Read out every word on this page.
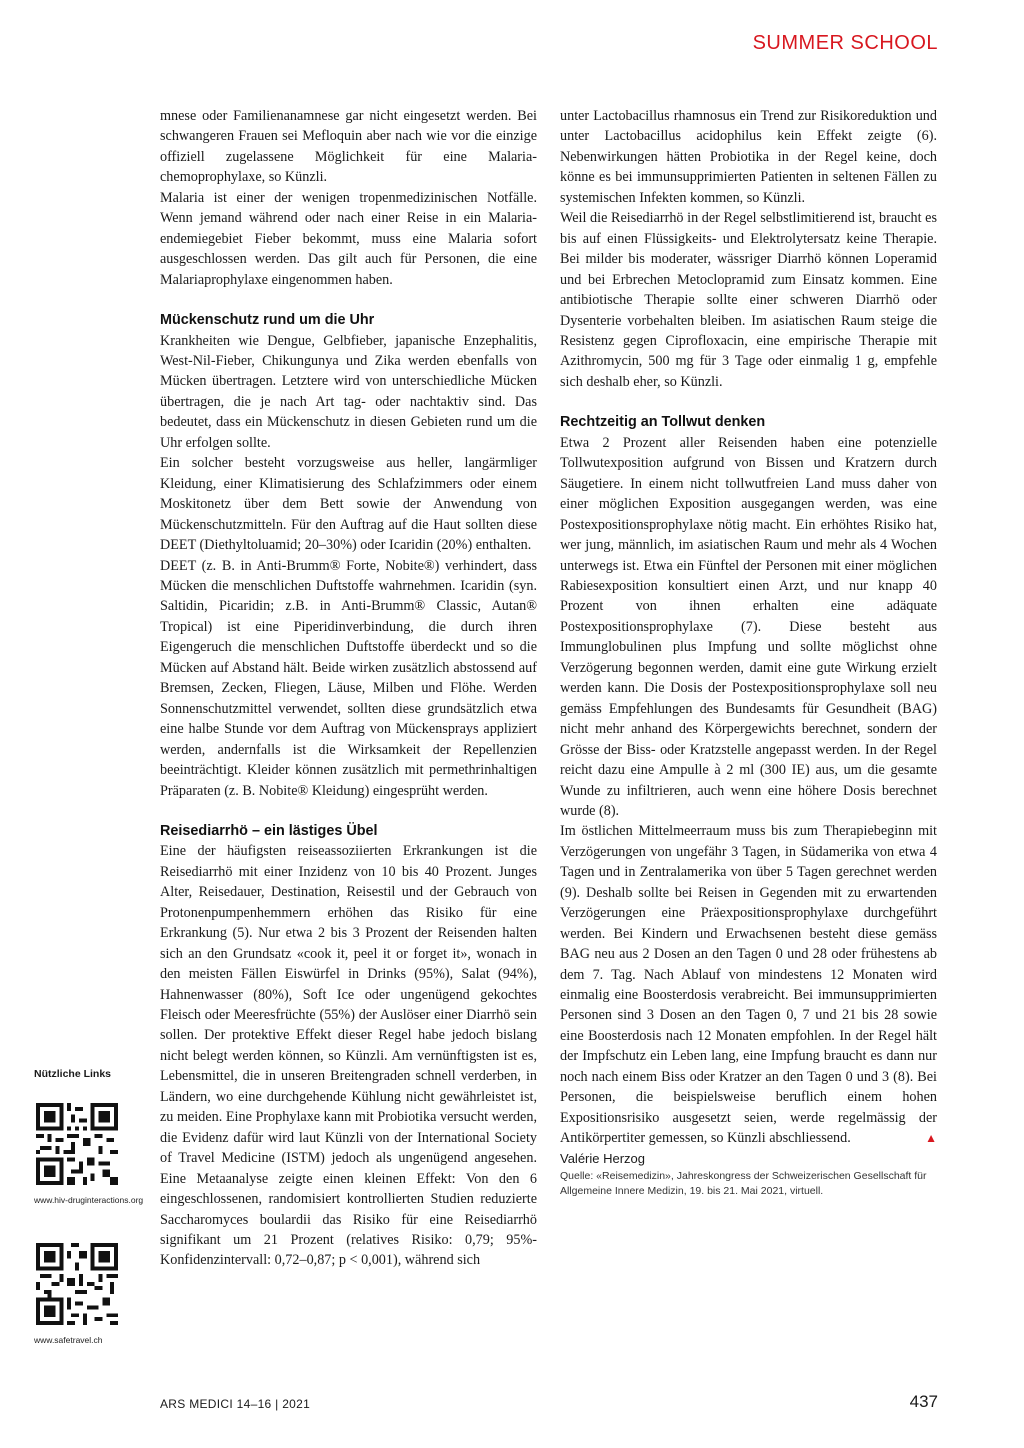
SUMMER SCHOOL

mnese oder Familienanamnese gar nicht eingesetzt werden. Bei schwangeren Frauen sei Mefloquin aber nach wie vor die einzige offiziell zugelassene Möglichkeit für eine Malaria-chemoprophylaxe, so Künzli.

Malaria ist einer der wenigen tropenmedizinischen Notfälle. Wenn jemand während oder nach einer Reise in ein Malaria-endemiegebiet Fieber bekommt, muss eine Malaria sofort ausgeschlossen werden. Das gilt auch für Personen, die eine Malariaprophylaxe eingenommen haben.

Mückenschutz rund um die Uhr

Krankheiten wie Dengue, Gelbfieber, japanische Enzephalitis, West-Nil-Fieber, Chikungunya und Zika werden ebenfalls von Mücken übertragen. Letztere wird von unterschiedliche Mücken übertragen, die je nach Art tag- oder nachtaktiv sind. Das bedeutet, dass ein Mückenschutz in diesen Gebieten rund um die Uhr erfolgen sollte.

Ein solcher besteht vorzugsweise aus heller, langärmliger Kleidung, einer Klimatisierung des Schlafzimmers oder einem Moskitonetz über dem Bett sowie der Anwendung von Mückenschutzmitteln. Für den Auftrag auf die Haut sollten diese DEET (Diethyltoluamid; 20–30%) oder Icaridin (20%) enthalten.

DEET (z. B. in Anti-Brumm® Forte, Nobite®) verhindert, dass Mücken die menschlichen Duftstoffe wahrnehmen. Icaridin (syn. Saltidin, Picaridin; z.B. in Anti-Brumm® Classic, Autan® Tropical) ist eine Piperidinverbindung, die durch ihren Eigengeruch die menschlichen Duftstoffe überdeckt und so die Mücken auf Abstand hält. Beide wirken zusätzlich abstossend auf Bremsen, Zecken, Fliegen, Läuse, Milben und Flöhe. Werden Sonnenschutzmittel verwendet, sollten diese grundsätzlich etwa eine halbe Stunde vor dem Auftrag von Mückensprays appliziert werden, andernfalls ist die Wirksamkeit der Repellenzien beeinträchtigt. Kleider können zusätzlich mit permethrinhaltigen Präparaten (z. B. Nobite® Kleidung) eingesprüht werden.

Reisediarrhö – ein lästiges Übel

Eine der häufigsten reiseassoziierten Erkrankungen ist die Reisediarrhö mit einer Inzidenz von 10 bis 40 Prozent. Junges Alter, Reisedauer, Destination, Reisestil und der Gebrauch von Protonenpumpenhemmern erhöhen das Risiko für eine Erkrankung (5). Nur etwa 2 bis 3 Prozent der Reisenden halten sich an den Grundsatz «cook it, peel it or forget it», wonach in den meisten Fällen Eiswürfel in Drinks (95%), Salat (94%), Hahnenwasser (80%), Soft Ice oder ungenügend gekochtes Fleisch oder Meeresfrüchte (55%) der Auslöser einer Diarrhö sein sollen. Der protektive Effekt dieser Regel habe jedoch bislang nicht belegt werden können, so Künzli. Am vernünftigsten ist es, Lebensmittel, die in unseren Breitengraden schnell verderben, in Ländern, wo eine durchgehende Kühlung nicht gewährleistet ist, zu meiden. Eine Prophylaxe kann mit Probiotika versucht werden, die Evidenz dafür wird laut Künzli von der International Society of Travel Medicine (ISTM) jedoch als ungenügend angesehen. Eine Metaanalyse zeigte einen kleinen Effekt: Von den 6 eingeschlossenen, randomisiert kontrollierten Studien reduzierte Saccharomyces boulardii das Risiko für eine Reisediarrhö signifikant um 21 Prozent (relatives Risiko: 0,79; 95%-Konfidenzintervall: 0,72–0,87; p < 0,001), während sich

unter Lactobacillus rhamnosus ein Trend zur Risikoreduktion und unter Lactobacillus acidophilus kein Effekt zeigte (6). Nebenwirkungen hätten Probiotika in der Regel keine, doch könne es bei immunsupprimierten Patienten in seltenen Fällen zu systemischen Infekten kommen, so Künzli.

Weil die Reisediarrhö in der Regel selbstlimitierend ist, braucht es bis auf einen Flüssigkeits- und Elektrolytersatz keine Therapie. Bei milder bis moderater, wässriger Diarrhö können Loperamid und bei Erbrechen Metoclopramid zum Einsatz kommen. Eine antibiotische Therapie sollte einer schweren Diarrhö oder Dysenterie vorbehalten bleiben. Im asiatischen Raum steige die Resistenz gegen Ciprofloxacin, eine empirische Therapie mit Azithromycin, 500 mg für 3 Tage oder einmalig 1 g, empfehle sich deshalb eher, so Künzli.

Rechtzeitig an Tollwut denken

Etwa 2 Prozent aller Reisenden haben eine potenzielle Tollwutexposition aufgrund von Bissen und Kratzern durch Säugetiere. In einem nicht tollwutfreien Land muss daher von einer möglichen Exposition ausgegangen werden, was eine Postexpositionsprophylaxe nötig macht. Ein erhöhtes Risiko hat, wer jung, männlich, im asiatischen Raum und mehr als 4 Wochen unterwegs ist. Etwa ein Fünftel der Personen mit einer möglichen Rabiesexposition konsultiert einen Arzt, und nur knapp 40 Prozent von ihnen erhalten eine adäquate Postexpositionsprophylaxe (7). Diese besteht aus Immunglobulinen plus Impfung und sollte möglichst ohne Verzögerung begonnen werden, damit eine gute Wirkung erzielt werden kann. Die Dosis der Postexpositionsprophylaxe soll neu gemäss Empfehlungen des Bundesamts für Gesundheit (BAG) nicht mehr anhand des Körpergewichts berechnet, sondern der Grösse der Biss- oder Kratzstelle angepasst werden. In der Regel reicht dazu eine Ampulle à 2 ml (300 IE) aus, um die gesamte Wunde zu infiltrieren, auch wenn eine höhere Dosis berechnet wurde (8).

Im östlichen Mittelmeerraum muss bis zum Therapiebeginn mit Verzögerungen von ungefähr 3 Tagen, in Südamerika von etwa 4 Tagen und in Zentralamerika von über 5 Tagen gerechnet werden (9). Deshalb sollte bei Reisen in Gegenden mit zu erwartenden Verzögerungen eine Präexpositionsprophylaxe durchgeführt werden. Bei Kindern und Erwachsenen besteht diese gemäss BAG neu aus 2 Dosen an den Tagen 0 und 28 oder frühestens ab dem 7. Tag. Nach Ablauf von mindestens 12 Monaten wird einmalig eine Boosterdosis verabreicht. Bei immunsupprimierten Personen sind 3 Dosen an den Tagen 0, 7 und 21 bis 28 sowie eine Boosterdosis nach 12 Monaten empfohlen. In der Regel hält der Impfschutz ein Leben lang, eine Impfung braucht es dann nur noch nach einem Biss oder Kratzer an den Tagen 0 und 3 (8). Bei Personen, die beispielsweise beruflich einem hohen Expositionsrisiko ausgesetzt seien, werde regelmässig der Antikörpertiter gemessen, so Künzli abschliessend.	▲

Valérie Herzog

Quelle: «Reisemedizin», Jahreskongress der Schweizerischen Gesellschaft für Allgemeine Innere Medizin, 19. bis 21. Mai 2021, virtuell.

Nützliche Links
www.hiv-druginteractions.org
www.safetravel.ch
ARS MEDICI 14–16 | 2021	437
